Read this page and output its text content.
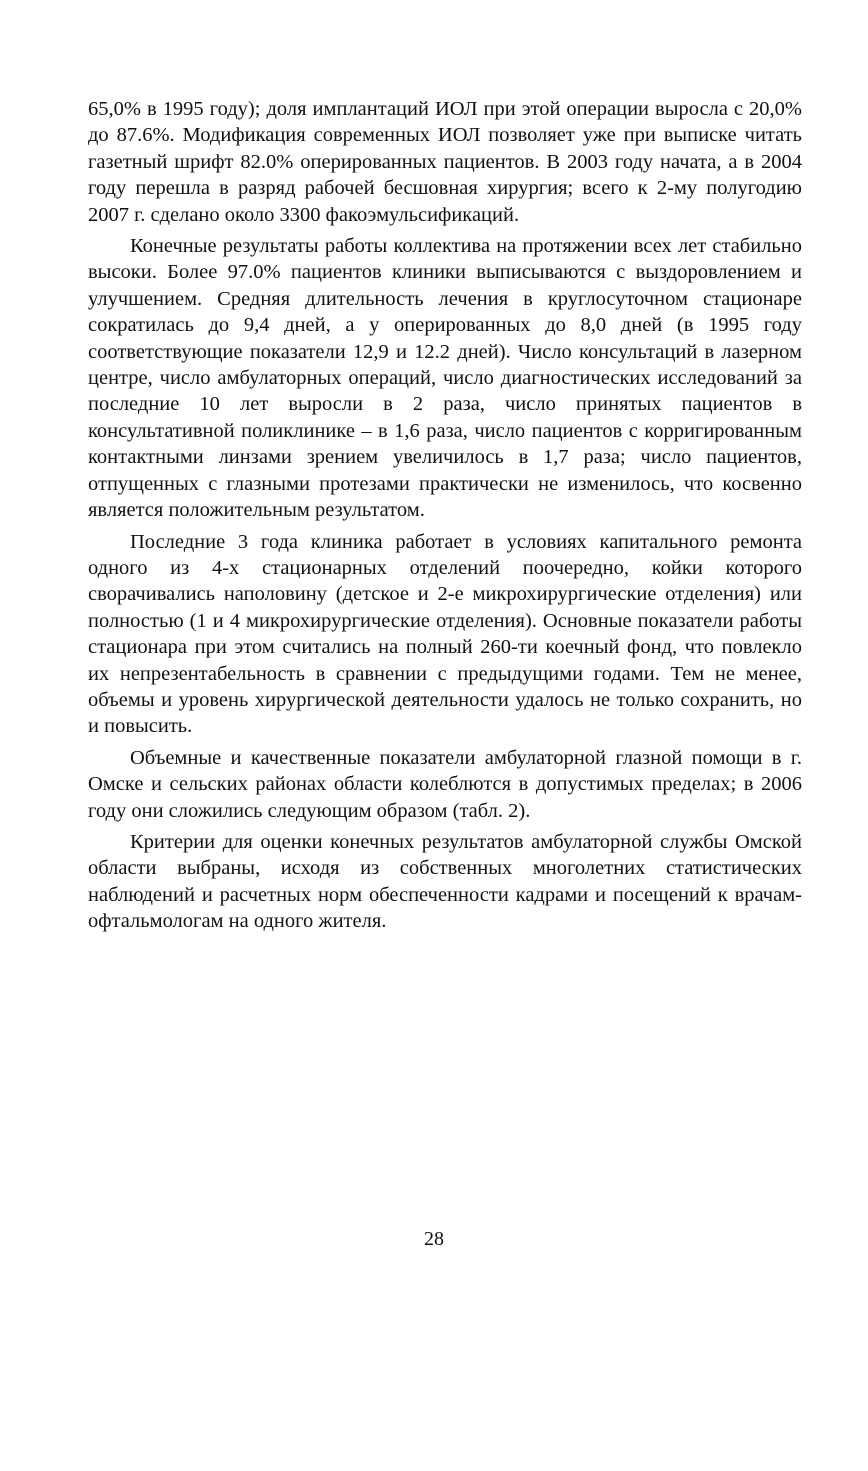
65,0% в 1995 году); доля имплантаций ИОЛ при этой операции выросла с 20,0% до 87.6%. Модификация современных ИОЛ позволяет уже при выписке читать газетный шрифт 82.0% оперированных пациентов. В 2003 году начата, а в 2004 году перешла в разряд рабочей бесшовная хирургия; всего к 2-му полугодию 2007 г. сделано около 3300 факоэмульсификаций.

Конечные результаты работы коллектива на протяжении всех лет стабильно высоки. Более 97.0% пациентов клиники выписываются с выздоровлением и улучшением. Средняя длительность лечения в круглосуточном стационаре сократилась до 9,4 дней, а у оперированных до 8,0 дней (в 1995 году соответствующие показатели 12,9 и 12.2 дней). Число консультаций в лазерном центре, число амбулаторных операций, число диагностических исследований за последние 10 лет выросли в 2 раза, число принятых пациентов в консультативной поликлинике – в 1,6 раза, число пациентов с корригированным контактными линзами зрением увеличилось в 1,7 раза; число пациентов, отпущенных с глазными протезами практически не изменилось, что косвенно является положительным результатом.

Последние 3 года клиника работает в условиях капитального ремонта одного из 4-х стационарных отделений поочередно, койки которого сворачивались наполовину (детское и 2-е микрохирургические отделения) или полностью (1 и 4 микрохирургические отделения). Основные показатели работы стационара при этом считались на полный 260-ти коечный фонд, что повлекло их непрезентабельность в сравнении с предыдущими годами. Тем не менее, объемы и уровень хирургической деятельности удалось не только сохранить, но и повысить.

Объемные и качественные показатели амбулаторной глазной помощи в г. Омске и сельских районах области колеблются в допустимых пределах; в 2006 году они сложились следующим образом (табл. 2).

Критерии для оценки конечных результатов амбулаторной службы Омской области выбраны, исходя из собственных многолетних статистических наблюдений и расчетных норм обеспеченности кадрами и посещений к врачам-офтальмологам на одного жителя.

28
